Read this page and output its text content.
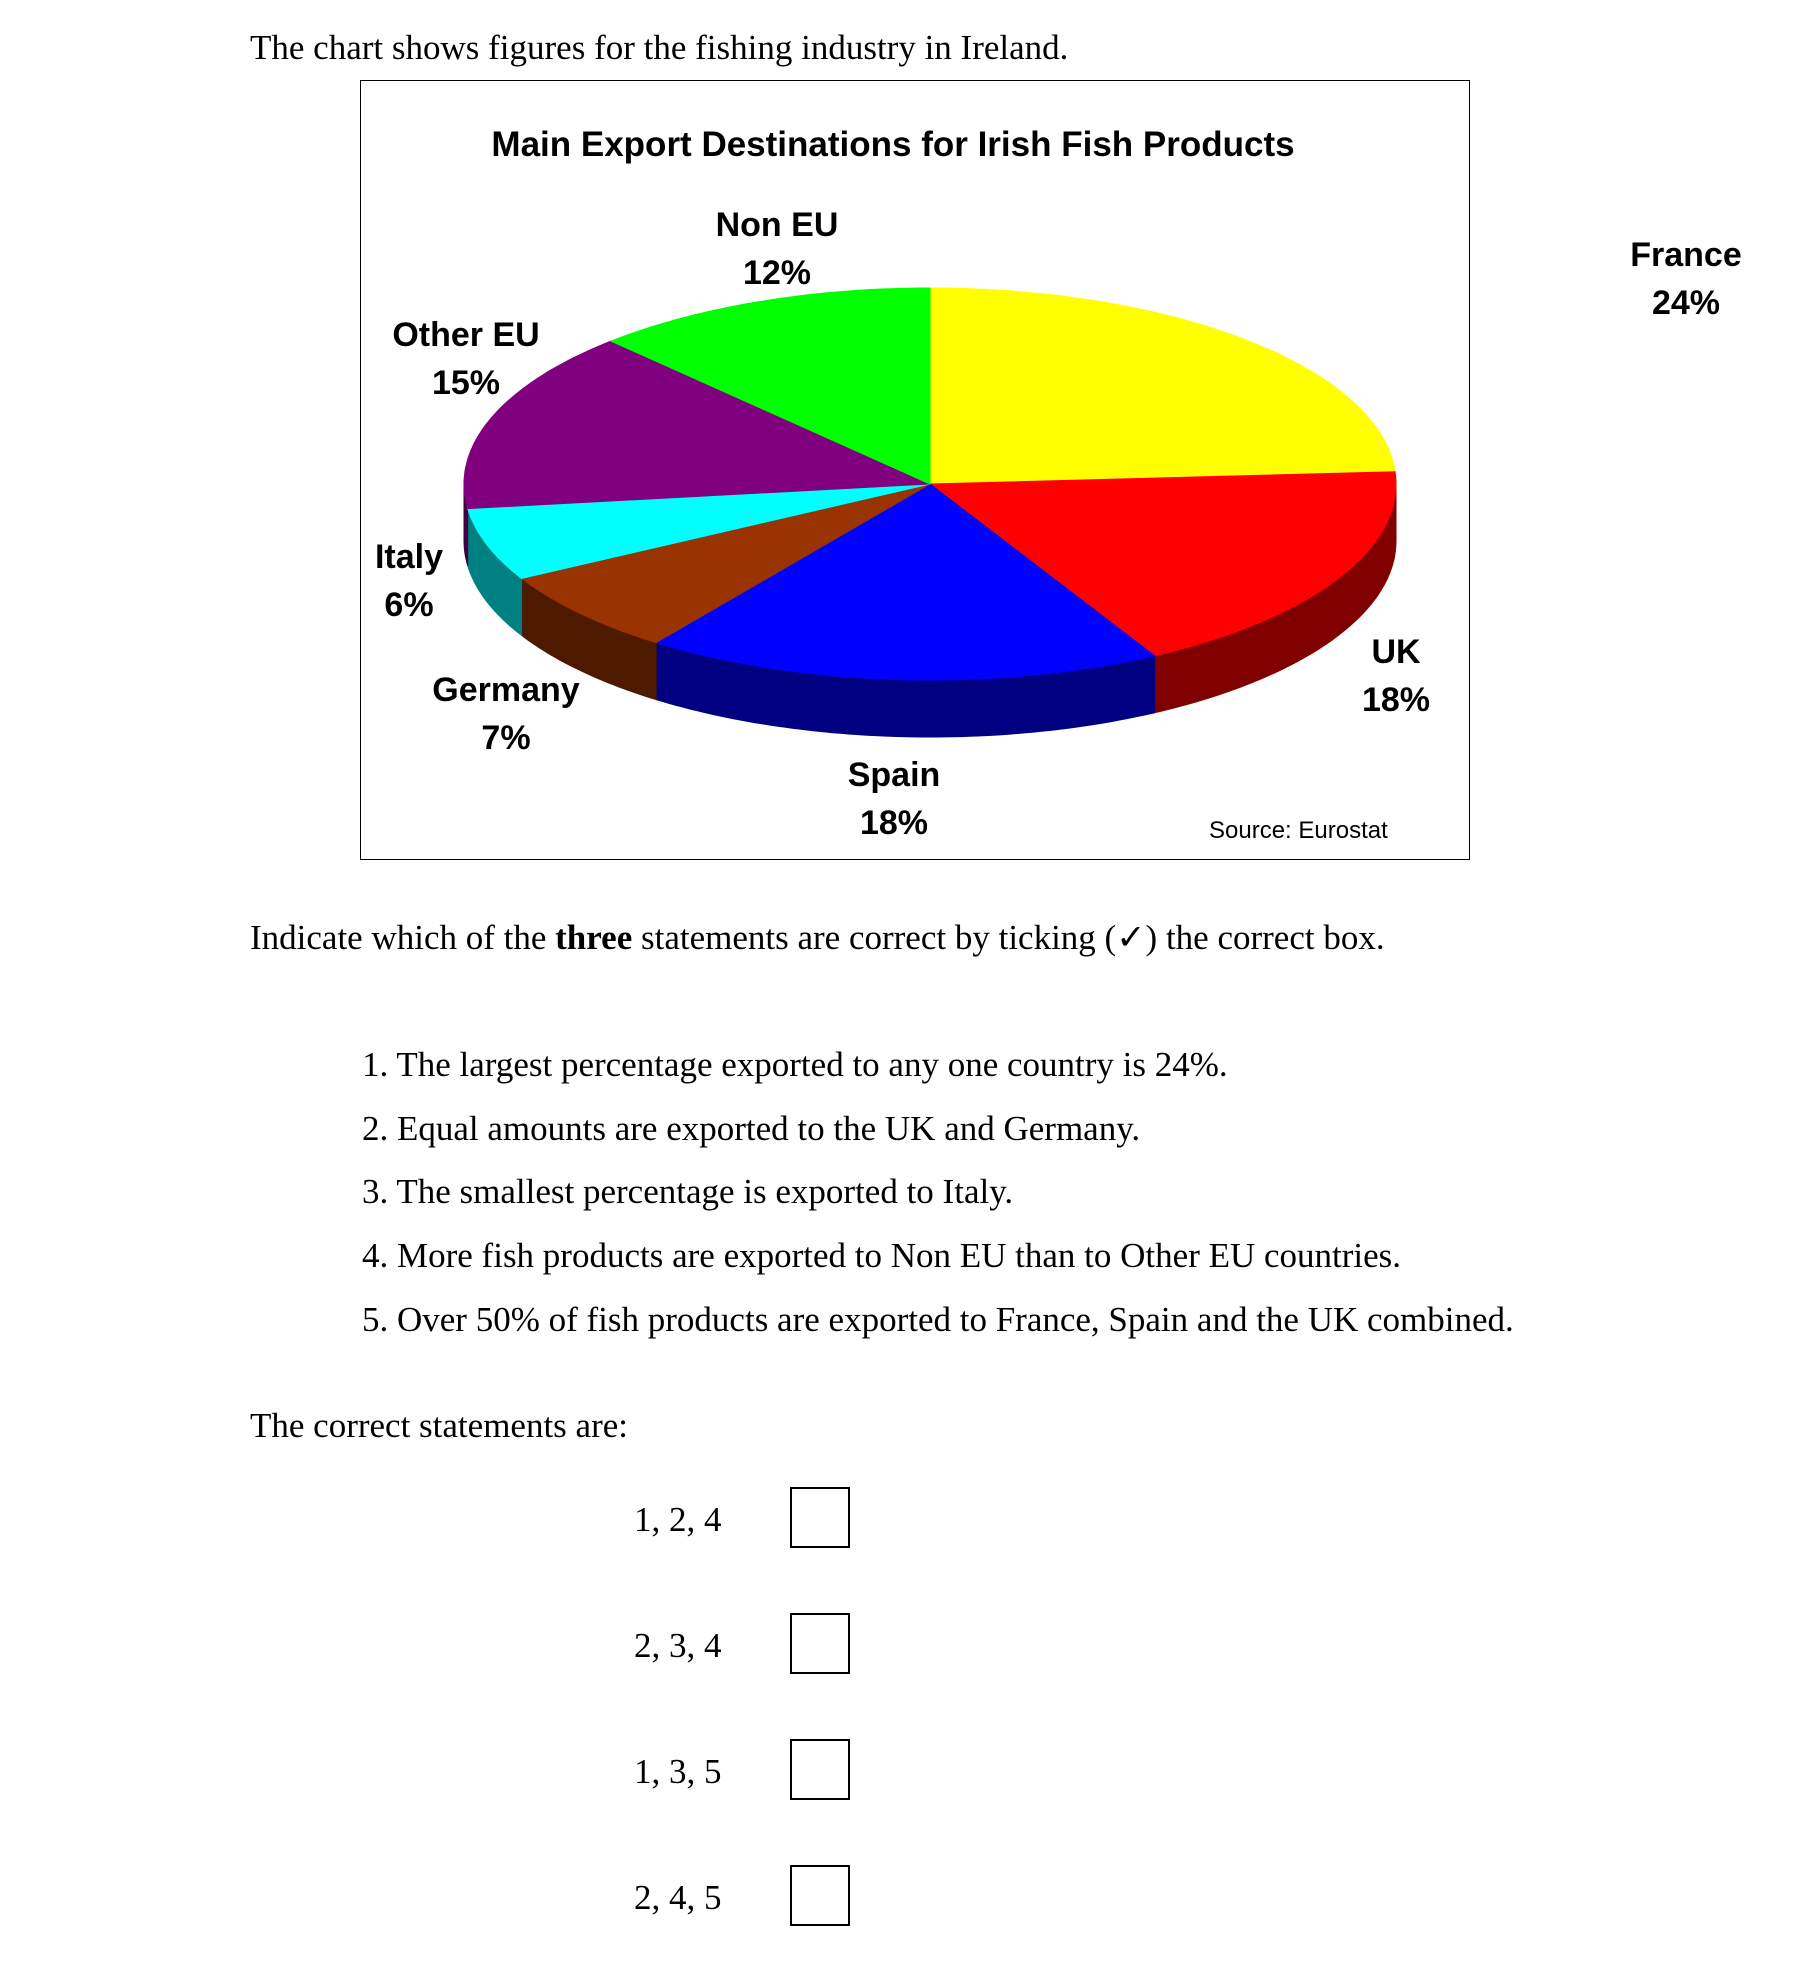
The chart shows figures for the fishing industry in Ireland.
Main Export Destinations for Irish Fish Products
France
24%
UK
18%
Spain
18%
Germany
7%
Italy
6%
Other EU
15%
Non EU
12%
Source: Eurostat
Indicate which of the three statements are correct by ticking (✓) the correct box.
1. The largest percentage exported to any one country is 24%.
2. Equal amounts are exported to the UK and Germany.
3. The smallest percentage is exported to Italy.
4. More fish products are exported to Non EU than to Other EU countries.
5. Over 50% of fish products are exported to France, Spain and the UK combined.
The correct statements are:
1, 2, 4
2, 3, 4
1, 3, 5
2, 4, 5
